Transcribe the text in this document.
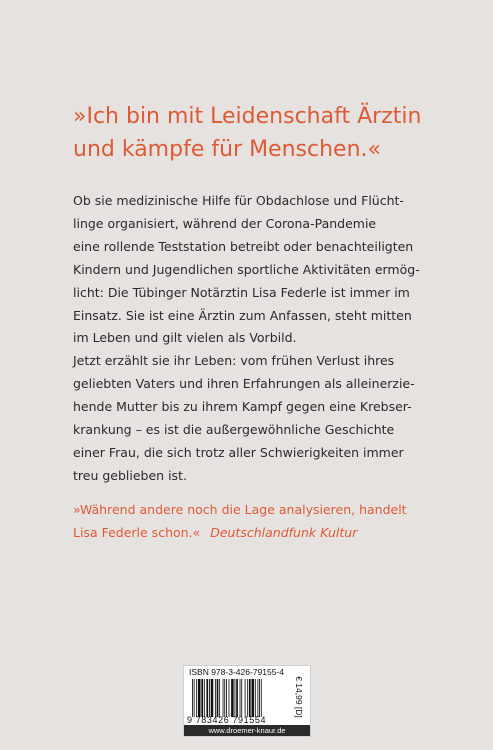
»Ich bin mit Leidenschaft Ärztin
und kämpfe für Menschen.«
Ob sie medizinische Hilfe für Obdachlose und Flücht-
linge organisiert, während der Corona-Pandemie
eine rollende Teststation betreibt oder benachteiligten
Kindern und Jugendlichen sportliche Aktivitäten ermög-
licht: Die Tübinger Notärztin Lisa Federle ist immer im
Einsatz. Sie ist eine Ärztin zum Anfassen, steht mitten
im Leben und gilt vielen als Vorbild.
Jetzt erzählt sie ihr Leben: vom frühen Verlust ihres
geliebten Vaters und ihren Erfahrungen als alleinerzie-
hende Mutter bis zu ihrem Kampf gegen eine Krebser-
krankung – es ist die außergewöhnliche Geschichte
einer Frau, die sich trotz aller Schwierigkeiten immer
treu geblieben ist.
»Während andere noch die Lage analysieren, handelt
Lisa Federle schon.« Deutschlandfunk Kultur
ISBN 978-3-426-79155-4
9 783426 791554
€ 14,99 [D]
www.droemer-knaur.de
